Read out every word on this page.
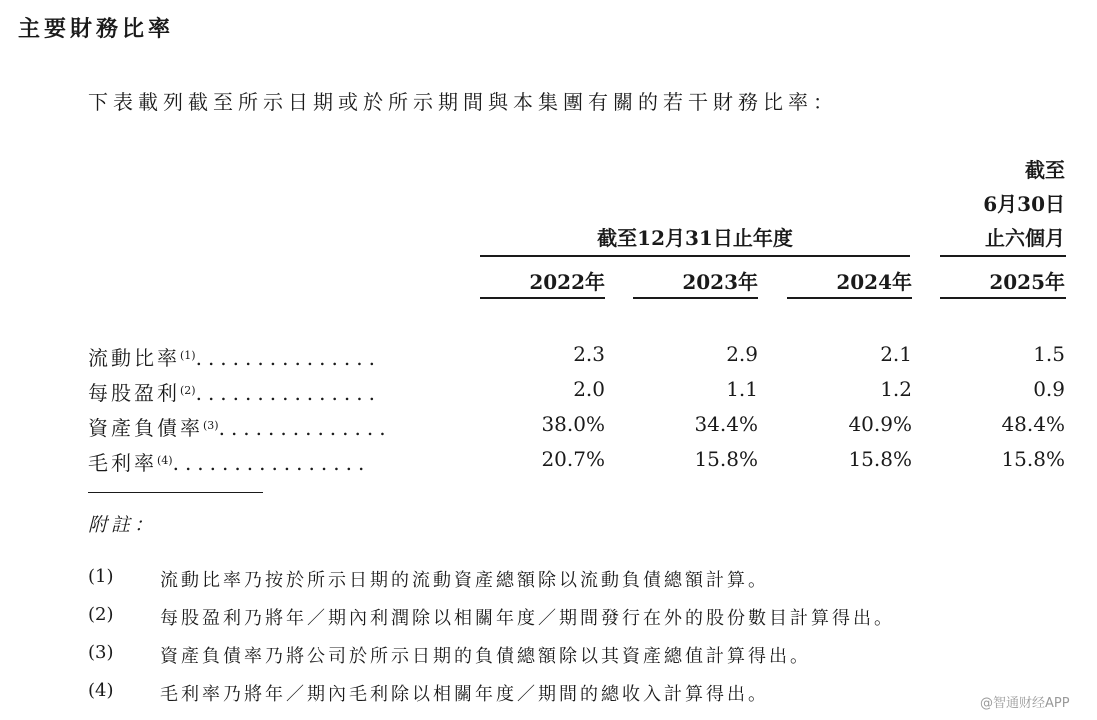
主要財務比率
下表載列截至所示日期或於所示期間與本集團有關的若干財務比率：
截至12月31日止年度
截至
6月30日
止六個月
2022年	2023年	2024年	2025年
流動比率$^{(1)}$...............	2.3	2.9	2.1	1.5
每股盈利$^{(2)}$...............	2.0	1.1	1.2	0.9
資產負債率$^{(3)}$..............	38.0%	34.4%	40.9%	48.4%
毛利率$^{(4)}$................	20.7%	15.8%	15.8%	15.8%
附註：
(1)	流動比率乃按於所示日期的流動資產總額除以流動負債總額計算。
(2)	每股盈利乃將年／期內利潤除以相關年度／期間發行在外的股份數目計算得出。
(3)	資產負債率乃將公司於所示日期的負債總額除以其資產總值計算得出。
(4)	毛利率乃將年／期內毛利除以相關年度／期間的總收入計算得出。	@智通财经APP
